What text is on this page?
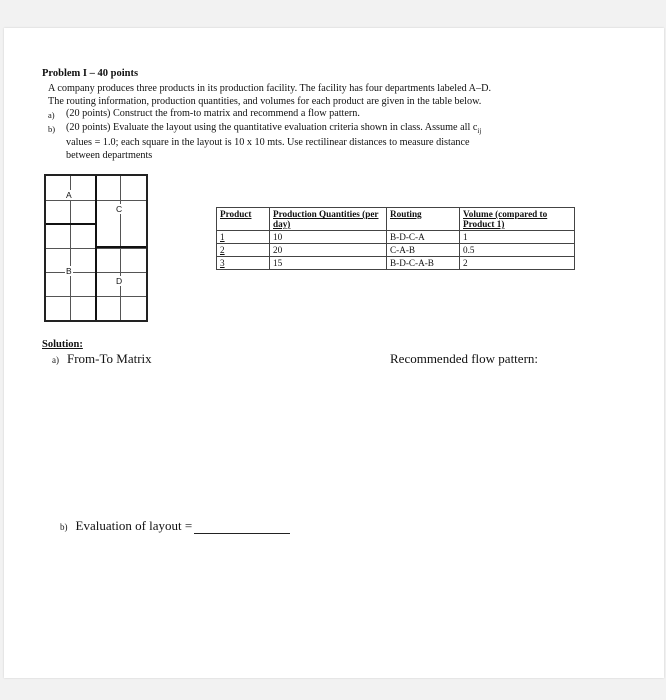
Problem I – 40 points
A company produces three products in its production facility. The facility has four departments labeled A–D.
The routing information, production quantities, and volumes for each product are given in the table below.
a)	(20 points) Construct the from-to matrix and recommend a flow pattern.
b)	(20 points) Evaluate the layout using the quantitative evaluation criteria shown in class. Assume all $c_{ij}$
values = 1.0; each square in the layout is 10 x 10 mts. Use rectilinear distances to measure distance
between departments
A
C
B
D
Product	Production Quantities (per day)	Routing	Volume (compared to Product 1)
1	10	B-D-C-A	1
2	20	C-A-B	0.5
3	15	B-D-C-A-B	2
Solution:
a) From-To Matrix	Recommended flow pattern:
b) Evaluation of layout =
